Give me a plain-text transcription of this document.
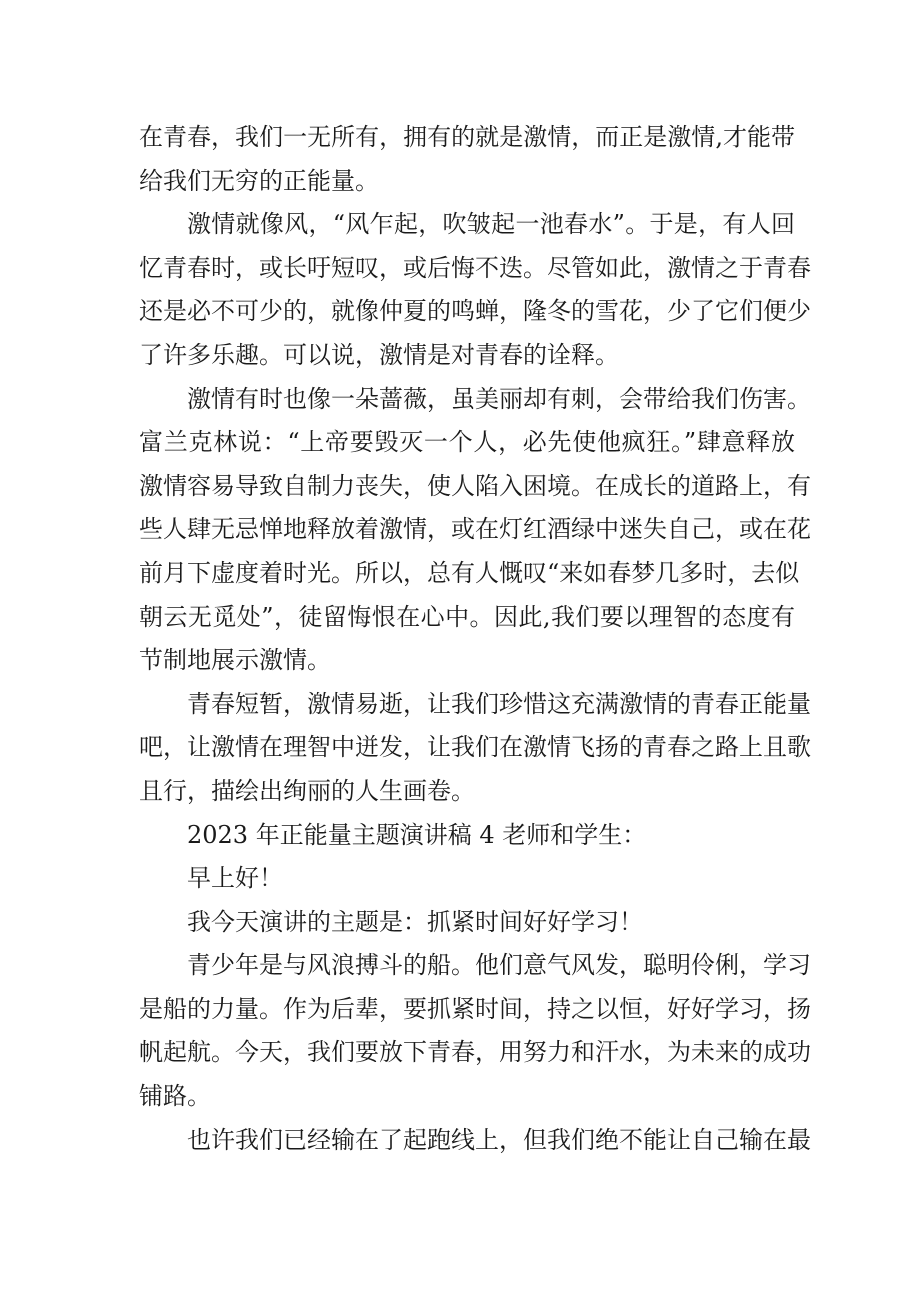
在青春，我们一无所有，拥有的就是激情，而正是激情,才能带
给我们无穷的正能量。
激情就像风，“风乍起，吹皱起一池春水”。于是，有人回
忆青春时，或长吁短叹，或后悔不迭。尽管如此，激情之于青春
还是必不可少的，就像仲夏的鸣蝉，隆冬的雪花，少了它们便少
了许多乐趣。可以说，激情是对青春的诠释。
激情有时也像一朵蔷薇，虽美丽却有刺，会带给我们伤害。
富兰克林说：“上帝要毁灭一个人，必先使他疯狂。”肆意释放
激情容易导致自制力丧失，使人陷入困境。在成长的道路上，有
些人肆无忌惮地释放着激情，或在灯红酒绿中迷失自己，或在花
前月下虚度着时光。所以，总有人慨叹“来如春梦几多时，去似
朝云无觅处”，徒留悔恨在心中。因此,我们要以理智的态度有
节制地展示激情。
青春短暂，激情易逝，让我们珍惜这充满激情的青春正能量
吧，让激情在理智中迸发，让我们在激情飞扬的青春之路上且歌
且行，描绘出绚丽的人生画卷。
2023 年正能量主题演讲稿 4 老师和学生：
早上好！
我今天演讲的主题是：抓紧时间好好学习！
青少年是与风浪搏斗的船。他们意气风发，聪明伶俐，学习
是船的力量。作为后辈，要抓紧时间，持之以恒，好好学习，扬
帆起航。今天，我们要放下青春，用努力和汗水，为未来的成功
铺路。
也许我们已经输在了起跑线上，但我们绝不能让自己输在最
